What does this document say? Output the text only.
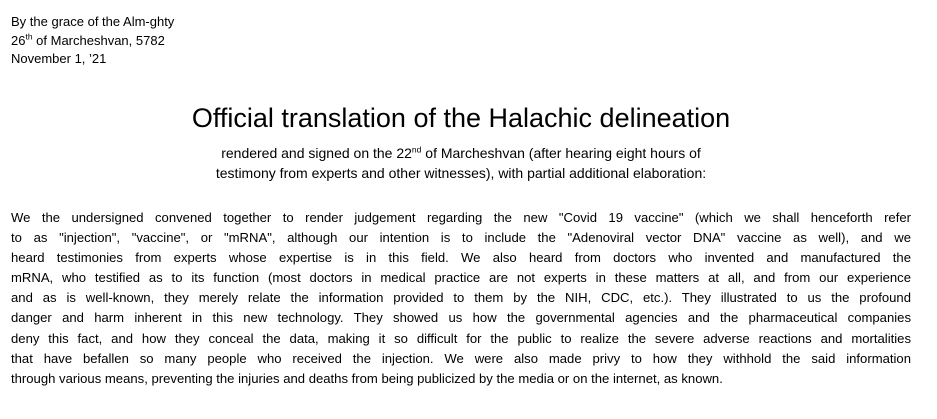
By the grace of the Alm-ghty
26th of Marcheshvan, 5782
November 1, ’21
Official translation of the Halachic delineation
rendered and signed on the 22nd of Marcheshvan (after hearing eight hours of
testimony from experts and other witnesses), with partial additional elaboration:
We the undersigned convened together to render judgement regarding the new "Covid 19 vaccine" (which we shall henceforth refer
to as "injection", "vaccine", or "mRNA", although our intention is to include the "Adenoviral vector DNA" vaccine as well), and we
heard testimonies from experts whose expertise is in this field. We also heard from doctors who invented and manufactured the
mRNA, who testified as to its function (most doctors in medical practice are not experts in these matters at all, and from our experience
and as is well-known, they merely relate the information provided to them by the NIH, CDC, etc.). They illustrated to us the profound
danger and harm inherent in this new technology. They showed us how the governmental agencies and the pharmaceutical companies
deny this fact, and how they conceal the data, making it so difficult for the public to realize the severe adverse reactions and mortalities
that have befallen so many people who received the injection. We were also made privy to how they withhold the said information
through various means, preventing the injuries and deaths from being publicized by the media or on the internet, as known.
